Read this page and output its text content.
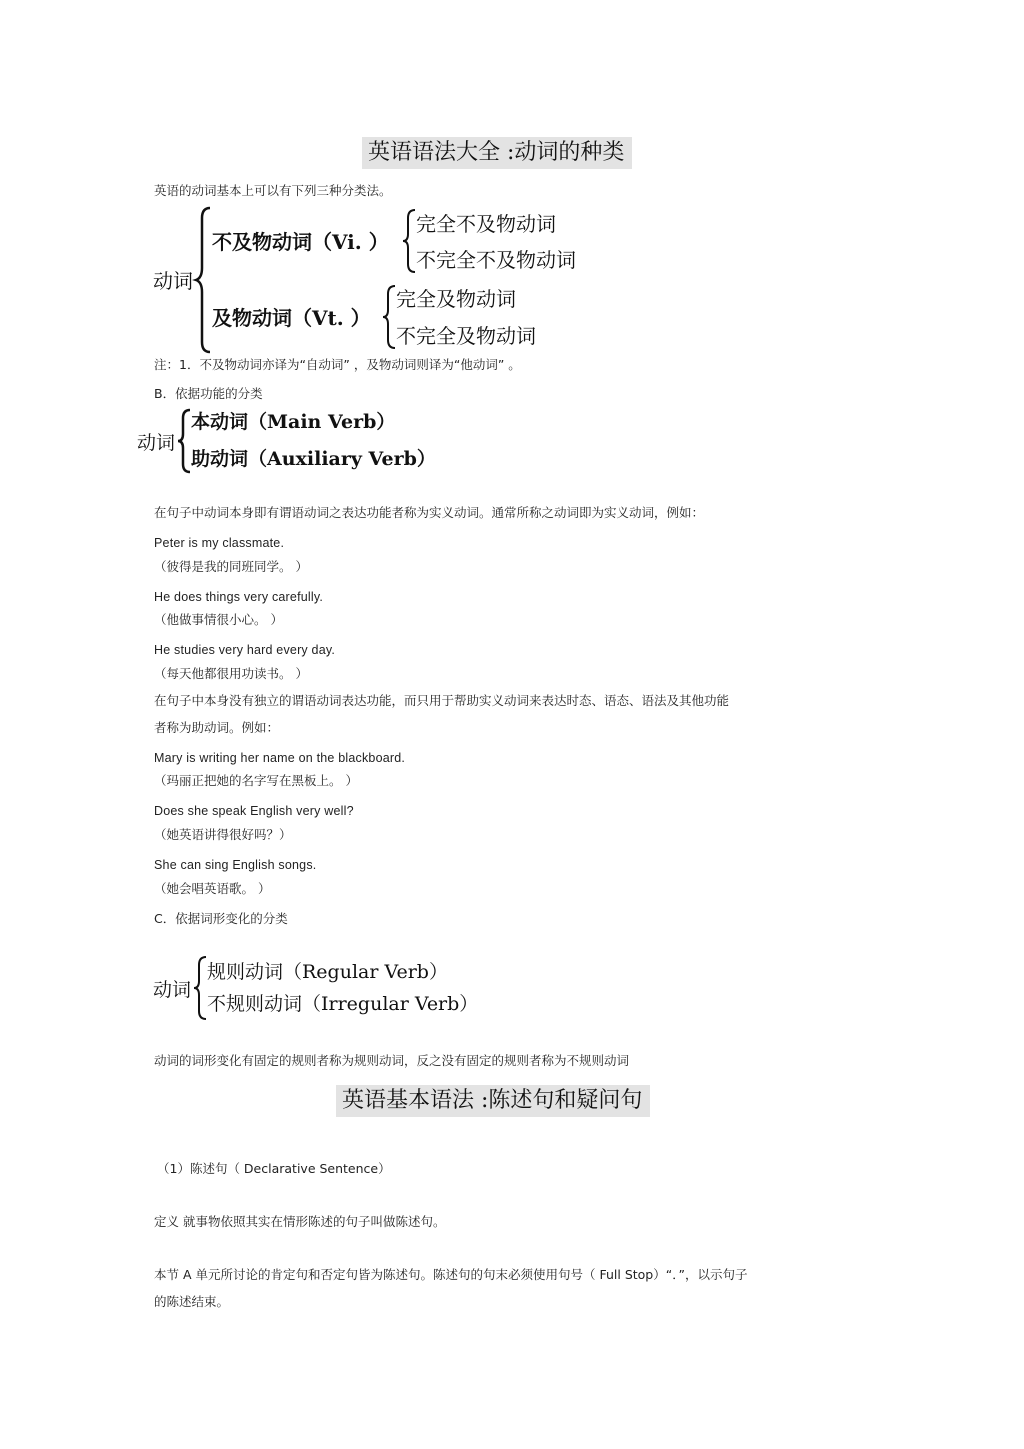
英语语法大全 :动词的种类
英语的动词基本上可以有下列三种分类法。
动词
不及物动词（Vi. ）
完全不及物动词
不完全不及物动词
及物动词（Vt. ）
完全及物动词
不完全及物动词
注：1．不及物动词亦译为“自动词” ，及物动词则译为“他动词” 。
B．依据功能的分类
动词
本动词（Main Verb）
助动词（Auxiliary Verb）
在句子中动词本身即有谓语动词之表达功能者称为实义动词。通常所称之动词即为实义动词，例如：
Peter is my classmate.
（彼得是我的同班同学。 ）
He does things very carefully.
（他做事情很小心。 ）
He studies very hard every day.
（每天他都很用功读书。 ）
在句子中本身没有独立的谓语动词表达功能，而只用于帮助实义动词来表达时态、语态、语法及其他功能
者称为助动词。例如：
Mary is writing her name on the blackboard.
（玛丽正把她的名字写在黑板上。 ）
Does she speak English very well?
（她英语讲得很好吗？）
She can sing English songs.
（她会唱英语歌。 ）
C．依据词形变化的分类
动词
规则动词（Regular Verb）
不规则动词（Irregular Verb）
动词的词形变化有固定的规则者称为规则动词，反之没有固定的规则者称为不规则动词
英语基本语法 :陈述句和疑问句
（1）陈述句（ Declarative Sentence）
定义 就事物依照其实在情形陈述的句子叫做陈述句。
本节 A 单元所讨论的肯定句和否定句皆为陈述句。陈述句的句末必须使用句号（ Full Stop）“．”，以示句子
的陈述结束。
